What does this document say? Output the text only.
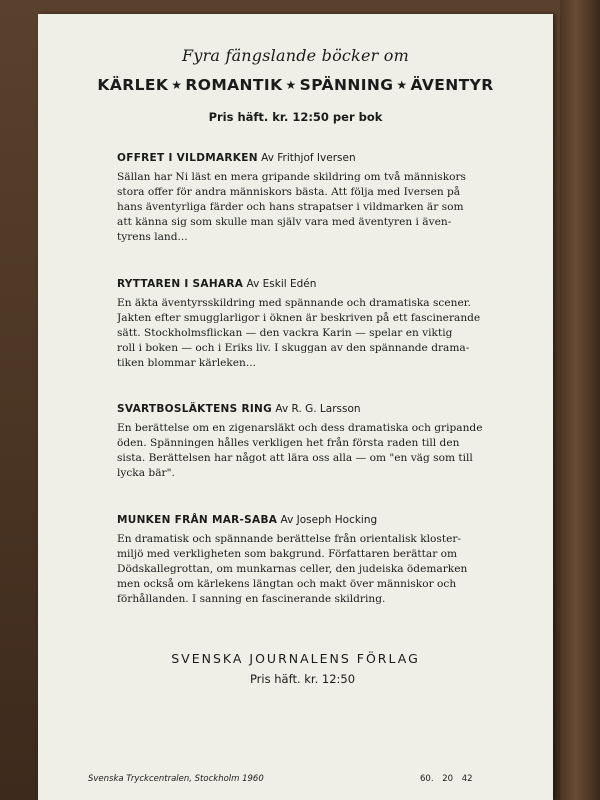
Fyra fängslande böcker om
KÄRLEK ★ ROMANTIK ★ SPÄNNING ★ ÄVENTYR
Pris häft. kr. 12:50 per bok
OFFRET I VILDMARKEN Av Frithjof Iversen
Sällan har Ni läst en mera gripande skildring om två människors
stora offer för andra människors bästa. Att följa med Iversen på
hans äventyrliga färder och hans strapatser i vildmarken är som
att känna sig som skulle man själv vara med äventyren i även-
tyrens land...
RYTTAREN I SAHARA Av Eskil Edén
En äkta äventyrsskildring med spännande och dramatiska scener.
Jakten efter smugglarligor i öknen är beskriven på ett fascinerande
sätt. Stockholmsflickan — den vackra Karin — spelar en viktig
roll i boken — och i Eriks liv. I skuggan av den spännande drama-
tiken blommar kärleken...
SVARTBOSLÄKTENS RING Av R. G. Larsson
En berättelse om en zigenarsläkt och dess dramatiska och gripande
öden. Spänningen hålles verkligen het från första raden till den
sista. Berättelsen har något att lära oss alla — om "en väg som till
lycka bär".
MUNKEN FRÅN MAR-SABA Av Joseph Hocking
En dramatisk och spännande berättelse från orientalisk kloster-
miljö med verkligheten som bakgrund. Författaren berättar om
Dödskallegrottan, om munkarnas celler, den judeiska ödemarken
men också om kärlekens längtan och makt över människor och
förhållanden. I sanning en fascinerande skildring.
SVENSKA JOURNALENS FÖRLAG
Pris häft. kr. 12:50
Svenska Tryckcentralen, Stockholm 1960	60. 20 42
